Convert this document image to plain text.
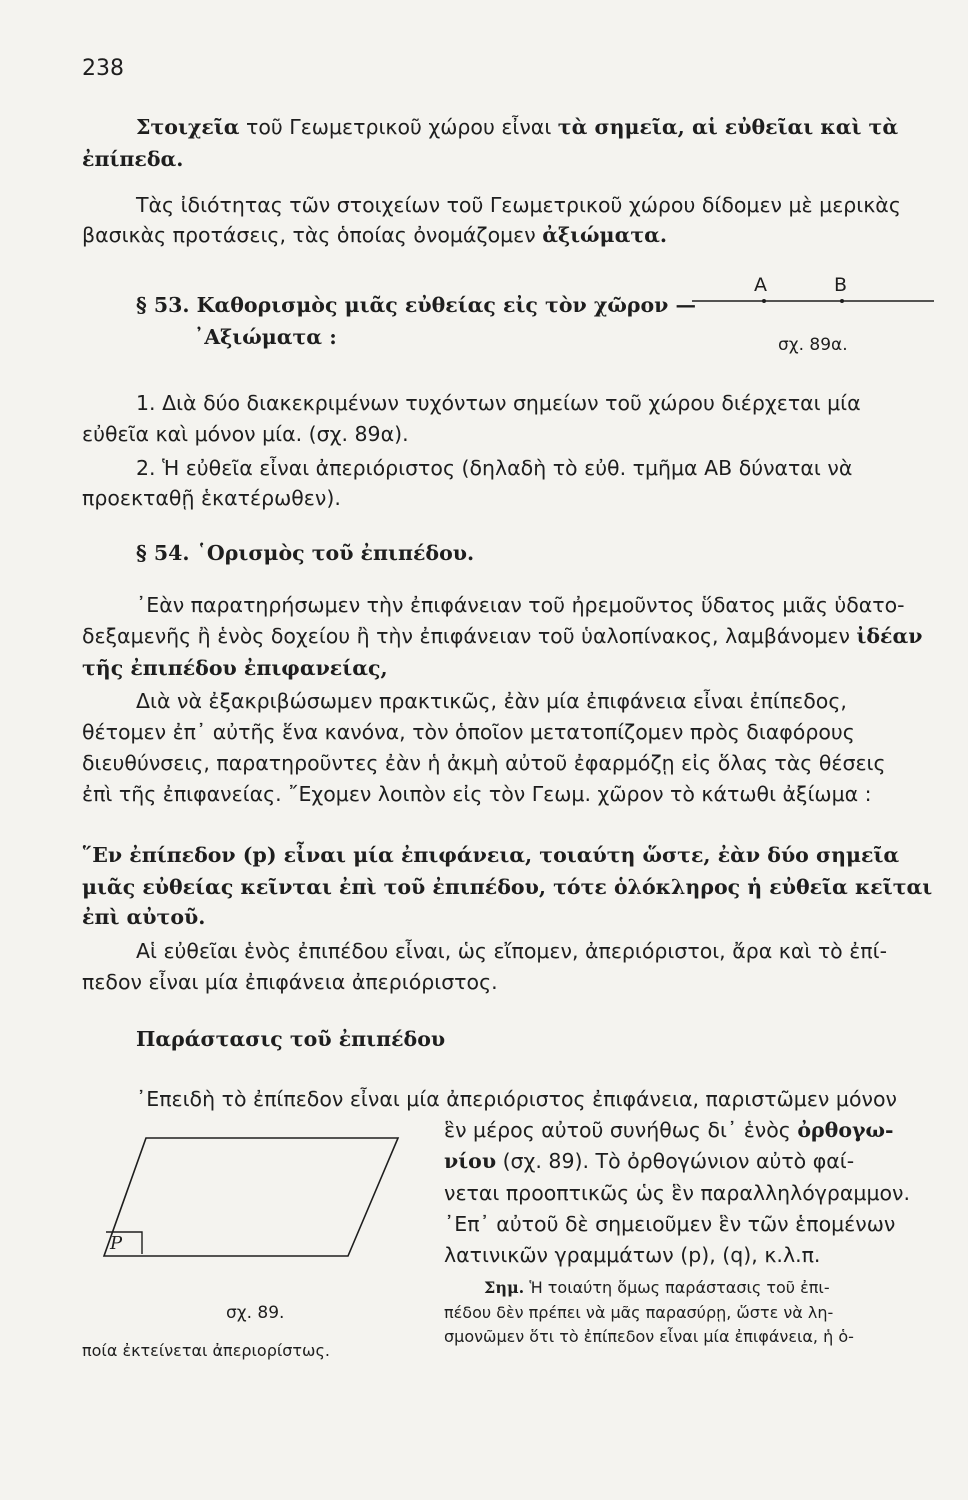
238
Στοιχεῖα τοῦ Γεωμετρικοῦ χώρου εἶναι τὰ σημεῖα, αἱ εὐθεῖαι καὶ τὰ
ἐπίπεδα.
Τὰς ἰδιότητας τῶν στοιχείων τοῦ Γεωμετρικοῦ χώρου δίδομεν μὲ μερικὰς
βασικὰς προτάσεις, τὰς ὁποίας ὀνομάζομεν ἀξιώματα.
§ 53. Καθορισμὸς μιᾶς εὐθείας εἰς τὸν χῶρον —
᾿Αξιώματα :
A	B
σχ. 89α.
1. Διὰ δύο διακεκριμένων τυχόντων σημείων τοῦ χώρου διέρχεται μία
εὐθεῖα καὶ μόνον μία. (σχ. 89α).
2. Ἡ εὐθεῖα εἶναι ἀπεριόριστος (δηλαδὴ τὸ εὐθ. τμῆμα AB δύναται νὰ
προεκταθῇ ἑκατέρωθεν).
§ 54. ῾Ορισμὸς τοῦ ἐπιπέδου.
᾿Εὰν παρατηρήσωμεν τὴν ἐπιφάνειαν τοῦ ἠρεμοῦντος ὕδατος μιᾶς ὑδατο-
δεξαμενῆς ἢ ἑνὸς δοχείου ἢ τὴν ἐπιφάνειαν τοῦ ὑαλοπίνακος, λαμβάνομεν ἰδέαν
τῆς ἐπιπέδου ἐπιφανείας,
Διὰ νὰ ἐξακριβώσωμεν πρακτικῶς, ἐὰν μία ἐπιφάνεια εἶναι ἐπίπεδος,
θέτομεν ἐπ᾿ αὐτῆς ἕνα κανόνα, τὸν ὁποῖον μετατοπίζομεν πρὸς διαφόρους
διευθύνσεις, παρατηροῦντες ἐὰν ἡ ἀκμὴ αὐτοῦ ἐφαρμόζῃ εἰς ὅλας τὰς θέσεις
ἐπὶ τῆς ἐπιφανείας. ῎Εχομεν λοιπὸν εἰς τὸν Γεωμ. χῶρον τὸ κάτωθι ἀξίωμα :
῞Εν ἐπίπεδον (p) εἶναι μία ἐπιφάνεια, τοιαύτη ὥστε, ἐὰν δύο σημεῖα
μιᾶς εὐθείας κεῖνται ἐπὶ τοῦ ἐπιπέδου, τότε ὁλόκληρος ἡ εὐθεῖα κεῖται
ἐπὶ αὐτοῦ.
Αἱ εὐθεῖαι ἑνὸς ἐπιπέδου εἶναι, ὡς εἴπομεν, ἀπεριόριστοι, ἄρα καὶ τὸ ἐπί-
πεδον εἶναι μία ἐπιφάνεια ἀπεριόριστος.
Παράστασις τοῦ ἐπιπέδου
᾿Επειδὴ τὸ ἐπίπεδον εἶναι μία ἀπεριόριστος ἐπιφάνεια, παριστῶμεν μόνον
ἓν μέρος αὐτοῦ συνήθως δι᾿ ἑνὸς ὀρθογω-
νίου (σχ. 89). Τὸ ὀρθογώνιον αὐτὸ φαί-
νεται προοπτικῶς ὡς ἓν παραλληλόγραμμον.
᾿Επ᾿ αὐτοῦ δὲ σημειοῦμεν ἓν τῶν ἑπομένων
λατινικῶν γραμμάτων (p), (q), κ.λ.π.
P
σχ. 89.
Σημ. Ἡ τοιαύτη ὅμως παράστασις τοῦ ἐπι-
πέδου δὲν πρέπει νὰ μᾶς παρασύρῃ, ὥστε νὰ λη-
σμονῶμεν ὅτι τὸ ἐπίπεδον εἶναι μία ἐπιφάνεια, ἡ ὁ-
ποία ἐκτείνεται ἀπεριορίστως.
